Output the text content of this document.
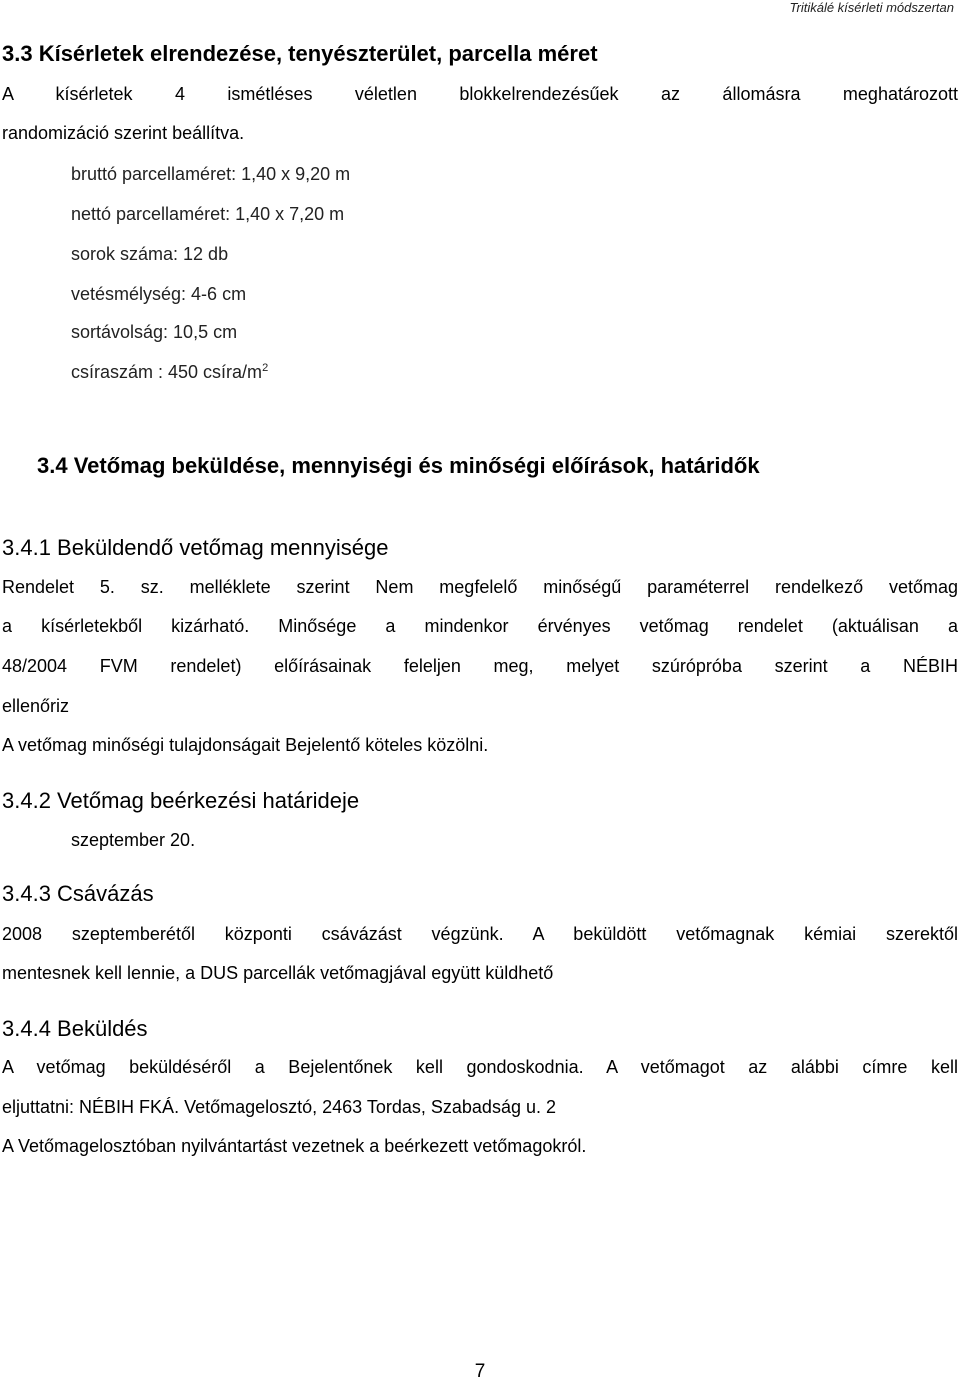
Tritikálé kísérleti módszertan
3.3 Kísérletek elrendezése, tenyészterület, parcella méret
A kísérletek 4 ismétléses véletlen blokkelrendezésűek az állomásra meghatározott
randomizáció szerint beállítva.
bruttó parcellaméret: 1,40 x 9,20 m
nettó parcellaméret: 1,40 x 7,20 m
sorok száma: 12 db
vetésmélység: 4-6 cm
sortávolság: 10,5 cm
csíraszám : 450 csíra/$m^2$
3.4 Vetőmag beküldése, mennyiségi és minőségi előírások, határidők
3.4.1 Beküldendő vetőmag mennyisége
Rendelet 5. sz. melléklete szerint Nem megfelelő minőségű paraméterrel rendelkező vetőmag
a kísérletekből kizárható. Minősége a mindenkor érvényes vetőmag rendelet (aktuálisan a
48/2004 FVM rendelet) előírásainak feleljen meg, melyet szúrópróba szerint a NÉBIH
ellenőriz
A vetőmag minőségi tulajdonságait Bejelentő köteles közölni.
3.4.2 Vetőmag beérkezési határideje
szeptember 20.
3.4.3 Csávázás
2008 szeptemberétől központi csávázást végzünk. A beküldött vetőmagnak kémiai szerektől
mentesnek kell lennie, a DUS parcellák vetőmagjával együtt küldhető
3.4.4 Beküldés
A vetőmag beküldéséről a Bejelentőnek kell gondoskodnia. A vetőmagot az alábbi címre kell
eljuttatni: NÉBIH FKÁ. Vetőmagelosztó, 2463 Tordas, Szabadság u. 2
A Vetőmagelosztóban nyilvántartást vezetnek a beérkezett vetőmagokról.
7
